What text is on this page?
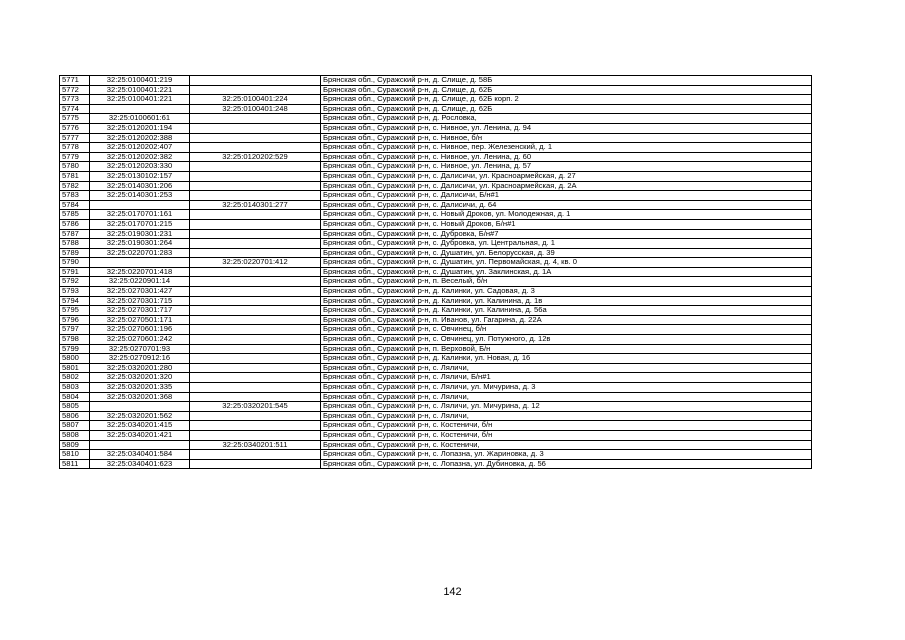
5771	32:25:0100401:219		Брянская обл., Суражский р-н, д. Слище, д. 58Б
5772	32:25:0100401:221		Брянская обл., Суражский р-н, д. Слище, д. 62Б
5773	32:25:0100401:221	32:25:0100401:224	Брянская обл., Суражский р-н, д. Слище, д. 62Б корп. 2
5774		32:25:0100401:248	Брянская обл., Суражский р-н, д. Слище, д. 62Б
5775	32:25:0100601:61		Брянская обл., Суражский р-н, д. Рословка,
5776	32:25:0120201:194		Брянская обл., Суражский р-н, с. Нивное, ул. Ленина, д. 94
5777	32:25:0120202:388		Брянская обл., Суражский р-н, с. Нивное, б/н
5778	32:25:0120202:407		Брянская обл., Суражский р-н, с. Нивное, пер. Железенский, д. 1
5779	32:25:0120202:382	32:25:0120202:529	Брянская обл., Суражский р-н, с. Нивное, ул. Ленина, д. 60
5780	32:25:0120203:330		Брянская обл., Суражский р-н, с. Нивное, ул. Ленина, д. 57
5781	32:25:0130102:157		Брянская обл., Суражский р-н, с. Далисичи, ул. Красноармейская, д. 27
5782	32:25:0140301:206		Брянская обл., Суражский р-н, с. Далисичи, ул. Красноармейская, д. 2А
5783	32:25:0140301:253		Брянская обл., Суражский р-н, с. Далисичи, Б/н#1
5784		32:25:0140301:277	Брянская обл., Суражский р-н, с. Далисичи, д. 64
5785	32:25:0170701:161		Брянская обл., Суражский р-н, с. Новый Дроков, ул. Молодежная, д. 1
5786	32:25:0170701:215		Брянская обл., Суражский р-н, с. Новый Дроков, Б/н#1
5787	32:25:0190301:231		Брянская обл., Суражский р-н, с. Дубровка, Б/н#7
5788	32:25:0190301:264		Брянская обл., Суражский р-н, с. Дубровка, ул. Центральная, д. 1
5789	32:25:0220701:283		Брянская обл., Суражский р-н, с. Душатин, ул. Белорусская, д. 39
5790		32:25:0220701:412	Брянская обл., Суражский р-н, с. Душатин, ул. Первомайская, д. 4, кв. 0
5791	32:25:0220701:418		Брянская обл., Суражский р-н, с. Душатин, ул. Заклинская, д. 1А
5792	32:25:0220901:14		Брянская обл., Суражский р-н, п. Веселый, б/н
5793	32:25:0270301:427		Брянская обл., Суражский р-н, д. Калинки, ул. Садовая, д. 3
5794	32:25:0270301:715		Брянская обл., Суражский р-н, д. Калинки, ул. Калинина, д. 1в
5795	32:25:0270301:717		Брянская обл., Суражский р-н, д. Калинки, ул. Калинина, д. 56а
5796	32:25:0270501:171		Брянская обл., Суражский р-н, п. Иванов, ул. Гагарина, д. 22А
5797	32:25:0270601:196		Брянская обл., Суражский р-н, с. Овчинец, б/н
5798	32:25:0270601:242		Брянская обл., Суражский р-н, с. Овчинец, ул. Потужного, д. 12в
5799	32:25:0270701:93		Брянская обл., Суражский р-н, п. Верховой, Б/н
5800	32:25:0270912:16		Брянская обл., Суражский р-н, д. Калинки, ул. Новая, д. 16
5801	32:25:0320201:280		Брянская обл., Суражский р-н, с. Ляличи,
5802	32:25:0320201:320		Брянская обл., Суражский р-н, с. Ляличи, Б/н#1
5803	32:25:0320201:335		Брянская обл., Суражский р-н, с. Ляличи, ул. Мичурина, д. 3
5804	32:25:0320201:368		Брянская обл., Суражский р-н, с. Ляличи,
5805		32:25:0320201:545	Брянская обл., Суражский р-н, с. Ляличи, ул. Мичурина, д. 12
5806	32:25:0320201:562		Брянская обл., Суражский р-н, с. Ляличи,
5807	32:25:0340201:415		Брянская обл., Суражский р-н, с. Костеничи, б/н
5808	32:25:0340201:421		Брянская обл., Суражский р-н, с. Костеничи, б/н
5809		32:25:0340201:511	Брянская обл., Суражский р-н, с. Костеничи,
5810	32:25:0340401:584		Брянская обл., Суражский р-н, с. Лопазна, ул. Жариновка, д. 3
5811	32:25:0340401:623		Брянская обл., Суражский р-н, с. Лопазна, ул. Дубиновка, д. 56
142
